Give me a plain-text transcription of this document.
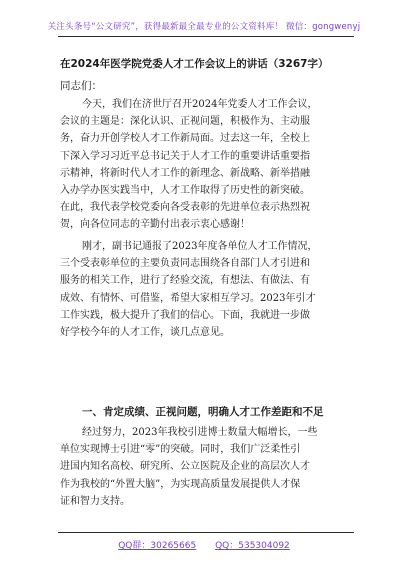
关注头条号“公文研究”，获得最新最全最专业的公文资料库！ 微信：gongwenyj
在2024年医学院党委人才工作会议上的讲话（3267字）
同志们：
今天，我们在济世厅召开2024年党委人才工作会议，
会议的主题是：深化认识、正视问题，积极作为、主动服
务，奋力开创学校人才工作新局面。过去这一年，全校上
下深入学习习近平总书记关于人才工作的重要讲话重要指
示精神，将新时代人才工作的新理念、新战略、新举措融
入办学办医实践当中，人才工作取得了历史性的新突破。
在此，我代表学校党委向各受表彰的先进单位表示热烈祝
贺，向各位同志的辛勤付出表示衷心感谢！
刚才，副书记通报了2023年度各单位人才工作情况，
三个受表彰单位的主要负责同志围绕各自部门人才引进和
服务的相关工作，进行了经验交流，有想法、有做法、有
成效、有情怀、可借鉴，希望大家相互学习。2023年引才
工作实践，极大提升了我们的信心。下面，我就进一步做
好学校今年的人才工作，谈几点意见。
一、肯定成绩、正视问题，明确人才工作差距和不足
经过努力，2023年我校引进博士数量大幅增长，一些
单位实现博士引进“零”的突破。同时，我们广泛柔性引
进国内知名高校、研究所、公立医院及企业的高层次人才
作为我校的“外置大脑”，为实现高质量发展提供人才保
证和智力支持。
QQ群：30265665 QQ：535304092
